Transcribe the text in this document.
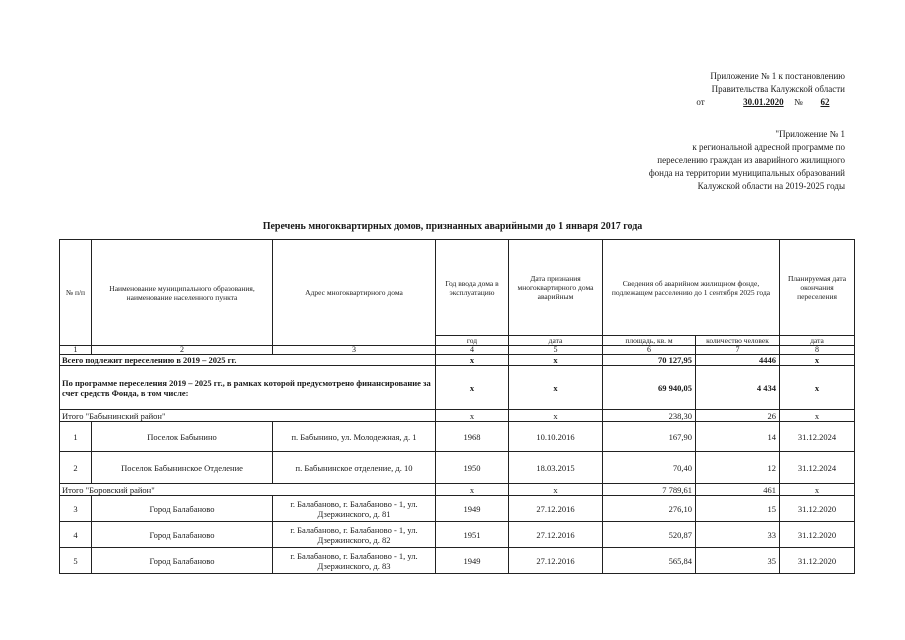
Приложение № 1 к постановлению
Правительства Калужской области
от	30.01.2020 № 62
"Приложение № 1
к региональной адресной программе по
переселению граждан из аварийного жилищного
фонда на территории муниципальных образований
Калужской области на 2019-2025 годы
Перечень многоквартирных домов, признанных аварийными до 1 января 2017 года
№ п/п	Наименование муниципального образования, наименование населенного пункта	Адрес многоквартирного дома	Год ввода дома в эксплуатацию	Дата признания многоквартирного дома аварийным	Сведения об аварийном жилищном фонде, подлежащем расселению до 1 сентября 2025 года		Планируемая дата окончания переселения
			год	дата	площадь, кв. м	количество человек	дата
1	2	3	4	5	6	7	8
Всего подлежит переселению в 2019 – 2025 гг.			х	х	70 127,95	4446	х
По программе переселения 2019 – 2025 гг., в рамках которой предусмотрено финансирование за счет средств Фонда, в том числе:			х	х	69 940,05	4 434	х
Итого "Бабынинский район"			х	х	238,30	26	х
1	Поселок Бабынино	п. Бабынино, ул. Молодежная, д. 1	1968	10.10.2016	167,90	14	31.12.2024
2	Поселок Бабынинское Отделение	п. Бабынинское отделение, д. 10	1950	18.03.2015	70,40	12	31.12.2024
Итого "Боровский район"			х	х	7 789,61	461	х
3	Город Балабаново	г. Балабаново, г. Балабаново - 1, ул. Дзержинского, д. 81	1949	27.12.2016	276,10	15	31.12.2020
4	Город Балабаново	г. Балабаново, г. Балабаново - 1, ул. Дзержинского, д. 82	1951	27.12.2016	520,87	33	31.12.2020
5	Город Балабаново	г. Балабаново, г. Балабаново - 1, ул. Дзержинского, д. 83	1949	27.12.2016	565,84	35	31.12.2020
